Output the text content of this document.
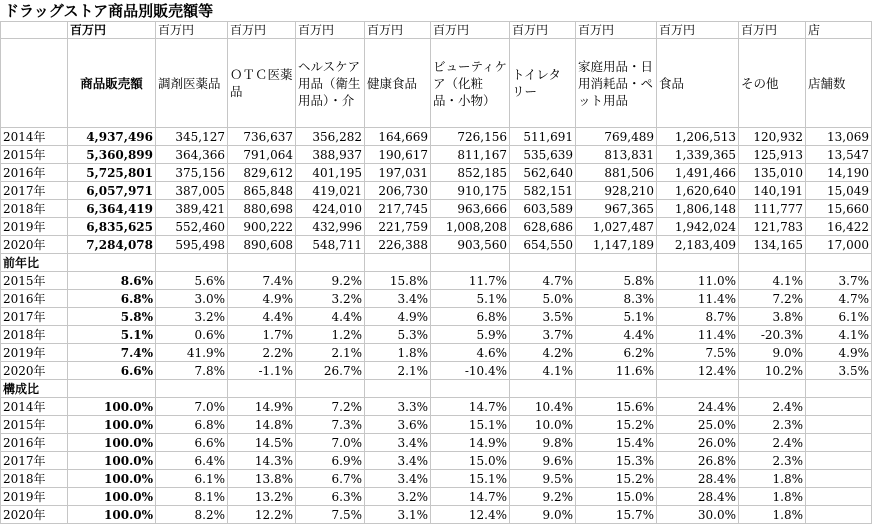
ドラッグストア商品別販売額等
	百万円	百万円	百万円	百万円	百万円	百万円	百万円	百万円	百万円	百万円	店
	商品販売額	調剤医薬品	ＯＴＣ医薬品	ヘルスケア用品（衛生用品）・介	健康食品	ビューティケア（化粧品・小物）	トイレタリー	家庭用品・日用消耗品・ペット用品	食品	その他	店舗数
2014年	4,937,496	345,127	736,637	356,282	164,669	726,156	511,691	769,489	1,206,513	120,932	13,069
2015年	5,360,899	364,366	791,064	388,937	190,617	811,167	535,639	813,831	1,339,365	125,913	13,547
2016年	5,725,801	375,156	829,612	401,195	197,031	852,185	562,640	881,506	1,491,466	135,010	14,190
2017年	6,057,971	387,005	865,848	419,021	206,730	910,175	582,151	928,210	1,620,640	140,191	15,049
2018年	6,364,419	389,421	880,698	424,010	217,745	963,666	603,589	967,365	1,806,148	111,777	15,660
2019年	6,835,625	552,460	900,222	432,996	221,759	1,008,208	628,686	1,027,487	1,942,024	121,783	16,422
2020年	7,284,078	595,498	890,608	548,711	226,388	903,560	654,550	1,147,189	2,183,409	134,165	17,000
前年比											
2015年	8.6%	5.6%	7.4%	9.2%	15.8%	11.7%	4.7%	5.8%	11.0%	4.1%	3.7%
2016年	6.8%	3.0%	4.9%	3.2%	3.4%	5.1%	5.0%	8.3%	11.4%	7.2%	4.7%
2017年	5.8%	3.2%	4.4%	4.4%	4.9%	6.8%	3.5%	5.1%	8.7%	3.8%	6.1%
2018年	5.1%	0.6%	1.7%	1.2%	5.3%	5.9%	3.7%	4.4%	11.4%	-20.3%	4.1%
2019年	7.4%	41.9%	2.2%	2.1%	1.8%	4.6%	4.2%	6.2%	7.5%	9.0%	4.9%
2020年	6.6%	7.8%	-1.1%	26.7%	2.1%	-10.4%	4.1%	11.6%	12.4%	10.2%	3.5%
構成比											
2014年	100.0%	7.0%	14.9%	7.2%	3.3%	14.7%	10.4%	15.6%	24.4%	2.4%	
2015年	100.0%	6.8%	14.8%	7.3%	3.6%	15.1%	10.0%	15.2%	25.0%	2.3%	
2016年	100.0%	6.6%	14.5%	7.0%	3.4%	14.9%	9.8%	15.4%	26.0%	2.4%	
2017年	100.0%	6.4%	14.3%	6.9%	3.4%	15.0%	9.6%	15.3%	26.8%	2.3%	
2018年	100.0%	6.1%	13.8%	6.7%	3.4%	15.1%	9.5%	15.2%	28.4%	1.8%	
2019年	100.0%	8.1%	13.2%	6.3%	3.2%	14.7%	9.2%	15.0%	28.4%	1.8%	
2020年	100.0%	8.2%	12.2%	7.5%	3.1%	12.4%	9.0%	15.7%	30.0%	1.8%	
